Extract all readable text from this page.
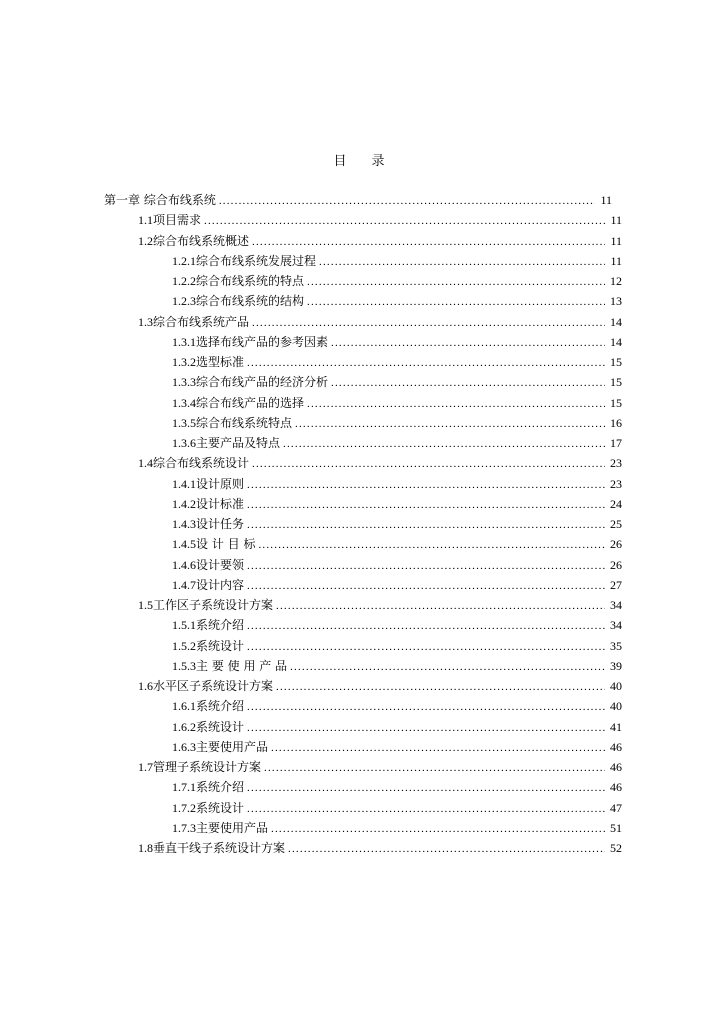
目　录
第一章 综合布线系统 .....	11
1.1 项目需求 .....	11
1.2 综合布线系统概述 .....	11
1.2.1 综合布线系统发展过程 .....	11
1.2.2 综合布线系统的特点 .....	12
1.2.3 综合布线系统的结构 .....	13
1.3 综合布线系统产品 .....	14
1.3.1 选择布线产品的参考因素 .....	14
1.3.2 选型标准 .....	15
1.3.3 综合布线产品的经济分析 .....	15
1.3.4 综合布线产品的选择 .....	15
1.3.5 综合布线系统特点 .....	16
1.3.6 主要产品及特点 .....	17
1.4 综合布线系统设计 .....	23
1.4.1 设计原则 .....	23
1.4.2 设计标准 .....	24
1.4.3 设计任务 .....	25
1.4.5 设 计 目 标 .....	26
1.4.6 设计要领 .....	26
1.4.7 设计内容 .....	27
1.5 工作区子系统设计方案 .....	34
1.5.1 系统介绍 .....	34
1.5.2 系统设计 .....	35
1.5.3 主 要 使 用 产 品 .....	39
1.6 水平区子系统设计方案 .....	40
1.6.1 系统介绍 .....	40
1.6.2 系统设计 .....	41
1.6.3 主要使用产品 .....	46
1.7 管理子系统设计方案 .....	46
1.7.1 系统介绍 .....	46
1.7.2 系统设计 .....	47
1.7.3 主要使用产品 .....	51
1.8 垂直干线子系统设计方案 .....	52
